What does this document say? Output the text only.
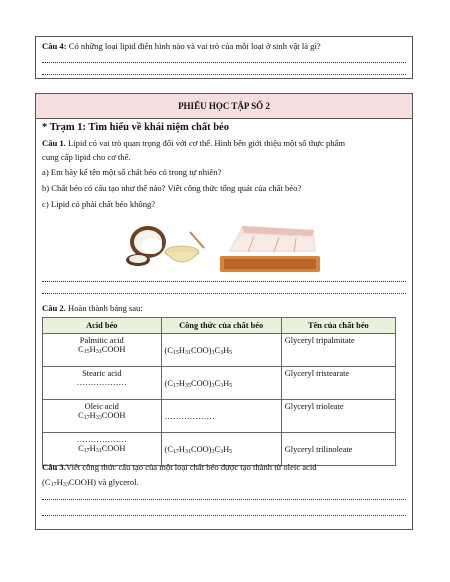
Câu 4: Có những loại lipid điển hình nào và vai trò của mỗi loại ở sinh vật là gì?
PHIẾU HỌC TẬP SỐ 2
* Trạm 1: Tìm hiểu về khái niệm chất béo
Câu 1. Lipid có vai trò quan trọng đối với cơ thể. Hình bên giới thiệu một số thực phẩm
cung cấp lipid cho cơ thể.
a) Em hãy kể tên một số chất béo có trong tự nhiên?
b) Chất béo có cấu tạo như thế nào? Viết công thức tổng quát của chất béo?
c) Lipid có phải chất béo không?
Câu 2. Hoàn thành bảng sau:
Acid béo	Công thức của chất béo	Tên của chất béo

Palmitic acid
$C_{15}H_{31}COOH$	$(C_{15}H_{31}COO)_3C_3H_5$	Glyceryl tripalmitate

Stearic acid
………………	$(C_{17}H_{35}COO)_3C_3H_5$	Glyceryl tristearate

Oleic acid
$C_{17}H_{33}COOH$	………………	Glyceryl trioleate

………………
$C_{17}H_{31}COOH$	$(C_{17}H_{31}COO)_3C_3H_5$	Glyceryl trilinoleate
Câu 3.Viết công thức cấu tạo của một loại chất béo được tạo thành từ oleic acid
$(C_{17}H_{33}COOH)$ và glycerol.
